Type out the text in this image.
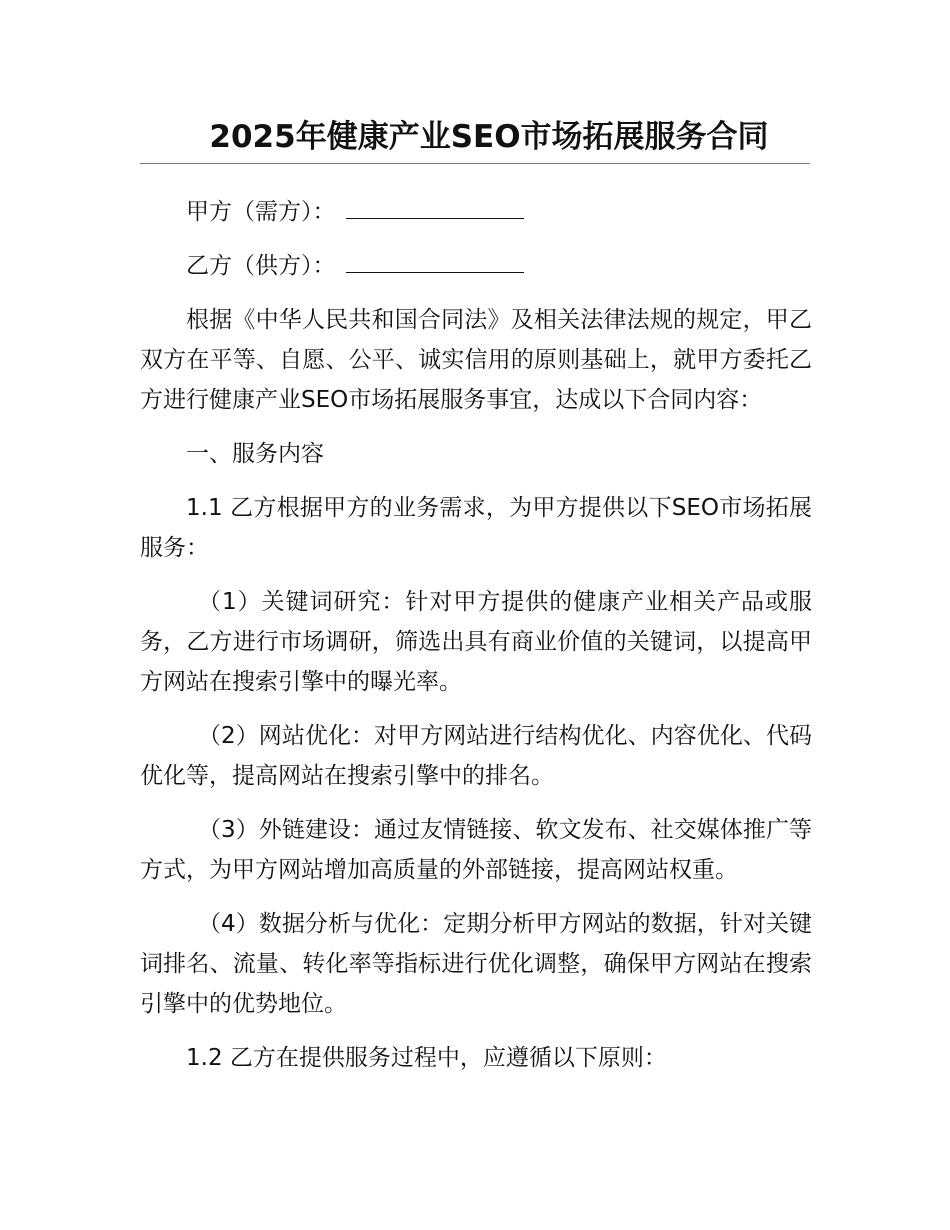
2025年健康产业SEO市场拓展服务合同

甲方（需方）：

乙方（供方）：

根据《中华人民共和国合同法》及相关法律法规的规定，甲乙双方在平等、自愿、公平、诚实信用的原则基础上，就甲方委托乙方进行健康产业SEO市场拓展服务事宜，达成以下合同内容：

一、服务内容

1.1 乙方根据甲方的业务需求，为甲方提供以下SEO市场拓展服务：

（1）关键词研究：针对甲方提供的健康产业相关产品或服务，乙方进行市场调研，筛选出具有商业价值的关键词，以提高甲方网站在搜索引擎中的曝光率。

（2）网站优化：对甲方网站进行结构优化、内容优化、代码优化等，提高网站在搜索引擎中的排名。

（3）外链建设：通过友情链接、软文发布、社交媒体推广等方式，为甲方网站增加高质量的外部链接，提高网站权重。

（4）数据分析与优化：定期分析甲方网站的数据，针对关键词排名、流量、转化率等指标进行优化调整，确保甲方网站在搜索引擎中的优势地位。

1.2 乙方在提供服务过程中，应遵循以下原则：
